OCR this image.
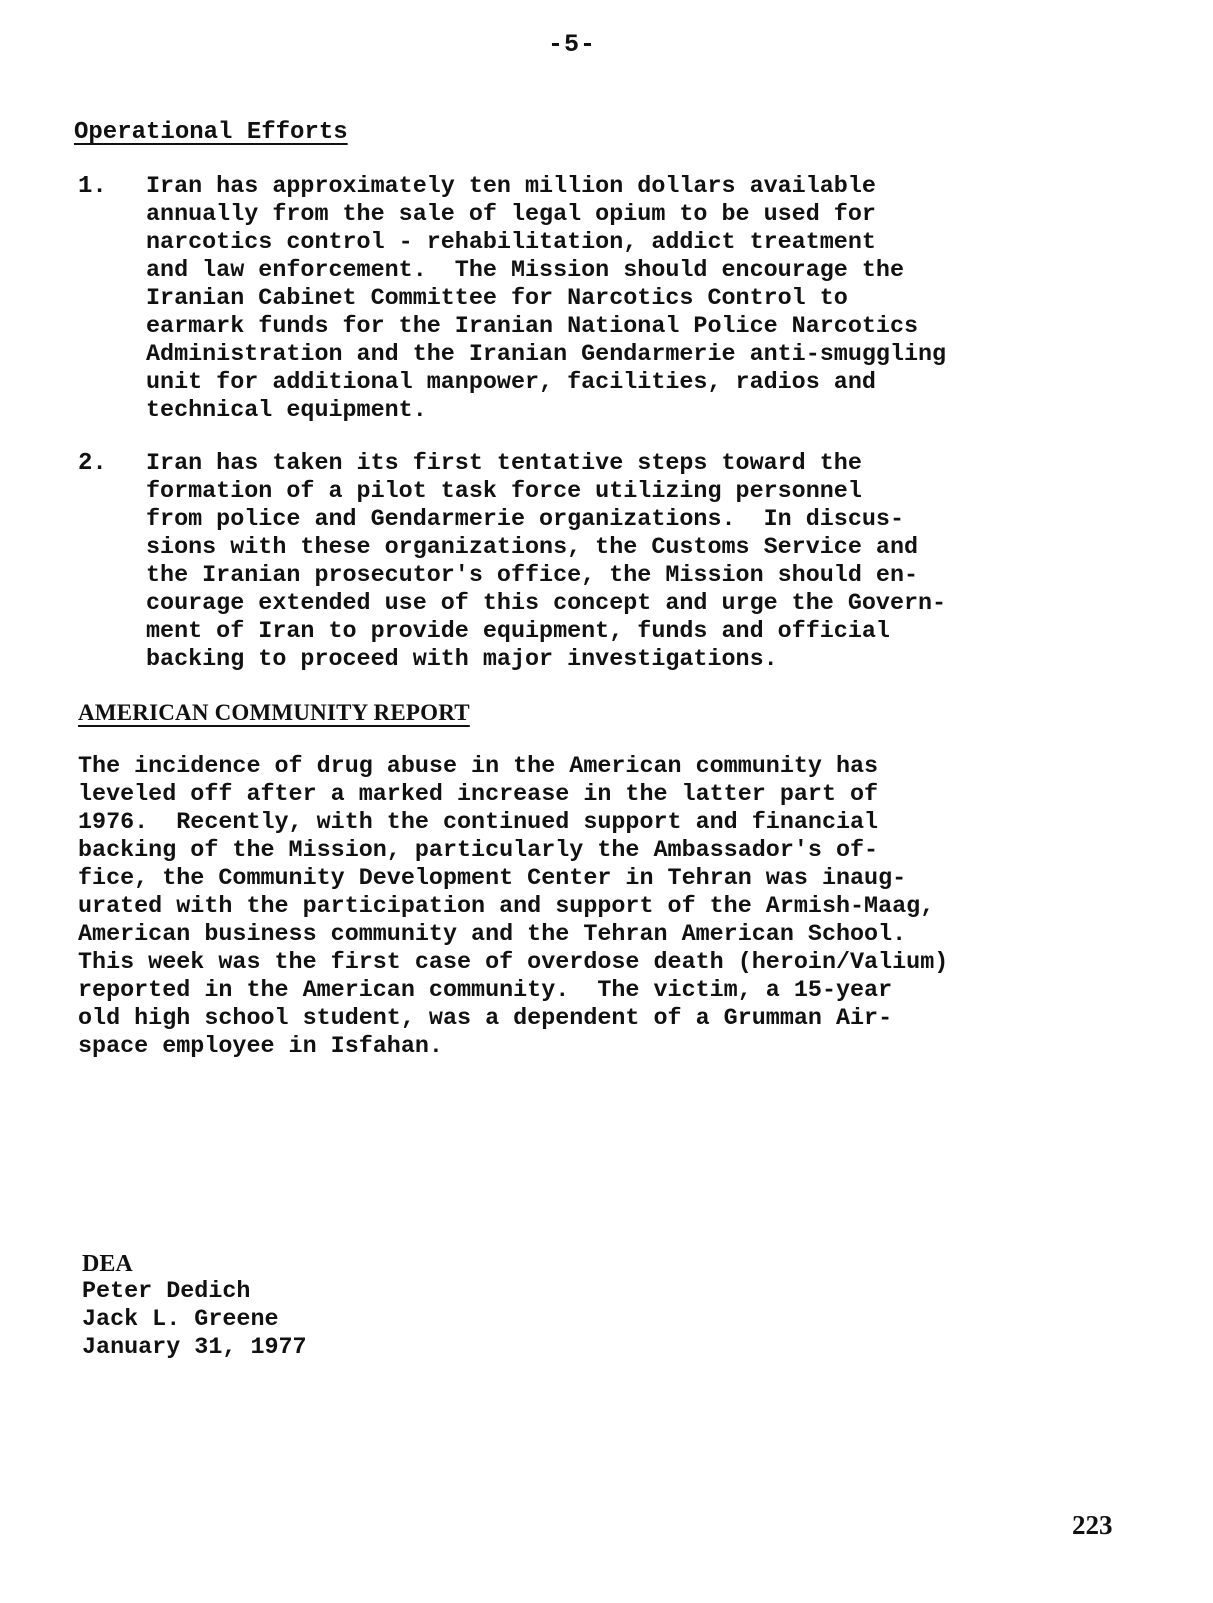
-5-
Operational Efforts
1. Iran has approximately ten million dollars available
annually from the sale of legal opium to be used for
narcotics control - rehabilitation, addict treatment
and law enforcement.  The Mission should encourage the
Iranian Cabinet Committee for Narcotics Control to
earmark funds for the Iranian National Police Narcotics
Administration and the Iranian Gendarmerie anti-smuggling
unit for additional manpower, facilities, radios and
technical equipment.
2. Iran has taken its first tentative steps toward the
formation of a pilot task force utilizing personnel
from police and Gendarmerie organizations.  In discus-
sions with these organizations, the Customs Service and
the Iranian prosecutor's office, the Mission should en-
courage extended use of this concept and urge the Govern-
ment of Iran to provide equipment, funds and official
backing to proceed with major investigations.
AMERICAN COMMUNITY REPORT
The incidence of drug abuse in the American community has
leveled off after a marked increase in the latter part of
1976.  Recently, with the continued support and financial
backing of the Mission, particularly the Ambassador's of-
fice, the Community Development Center in Tehran was inaug-
urated with the participation and support of the Armish-Maag,
American business community and the Tehran American School.
This week was the first case of overdose death (heroin/Valium)
reported in the American community.  The victim, a 15-year
old high school student, was a dependent of a Grumman Air-
space employee in Isfahan.
DEA
Peter Dedich
Jack L. Greene
January 31, 1977
223
